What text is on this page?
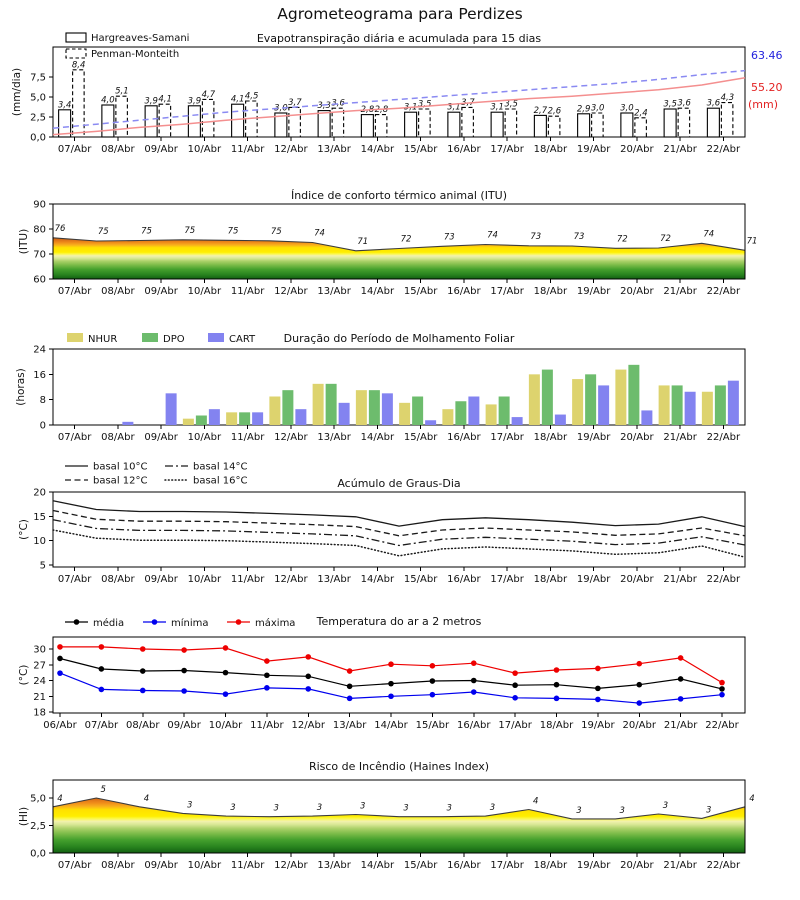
Agrometeograma para Perdizes
0,0
2,5
5,0
7,5
07/Abr 08/Abr 09/Abr 10/Abr 11/Abr 12/Abr 13/Abr 14/Abr 15/Abr 16/Abr 17/Abr 18/Abr 19/Abr 20/Abr 21/Abr 22/Abr
(mm/dia)
Evapotranspiração diária e acumulada para 15 dias
3,4	4,0	3,9	3,9	4,1
3,0	3,3	2,8	3,1	3,1	3,1	2,7	2,9	3,0	3,5	3,6
8,4
5,1
4,1	4,7	4,5
3,7	3,6
2,8
3,5	3,7	3,5
2,6	3,0	2,4
3,6
4,3
63.46
55.20
(mm)
Hargreaves-Samani
Penman-Monteith
60
70
80
90
07/Abr 08/Abr 09/Abr 10/Abr 11/Abr 12/Abr 13/Abr 14/Abr 15/Abr 16/Abr 17/Abr 18/Abr 19/Abr 20/Abr 21/Abr 22/Abr
(ITU)
Índice de conforto térmico animal (ITU)
76	75	75	75	75	75	74
71	72	73	74	73	73	72	72	74
71
0
8
16
24
07/Abr 08/Abr 09/Abr 10/Abr 11/Abr 12/Abr 13/Abr 14/Abr 15/Abr 16/Abr 17/Abr 18/Abr 19/Abr 20/Abr 21/Abr 22/Abr
(horas)
Duração do Período de Molhamento Foliar
NHUR	DPO	CART
5
10
15
20
07/Abr 08/Abr 09/Abr 10/Abr 11/Abr 12/Abr 13/Abr 14/Abr 15/Abr 16/Abr 17/Abr 18/Abr 19/Abr 20/Abr 21/Abr 22/Abr
(°C)
Acúmulo de Graus-Dia
basal 10°C
basal 12°C
basal 14°C
basal 16°C
18
21
24
27
30
06/Abr 07/Abr 08/Abr 09/Abr 10/Abr 11/Abr 12/Abr 13/Abr 14/Abr 15/Abr 16/Abr 17/Abr 18/Abr 19/Abr 20/Abr 21/Abr 22/Abr
(°C)
Temperatura do ar a 2 metros
média	mínima	máxima
0,0
2,5
5,0
07/Abr 08/Abr 09/Abr 10/Abr 11/Abr 12/Abr 13/Abr 14/Abr 15/Abr 16/Abr 17/Abr 18/Abr 19/Abr 20/Abr 21/Abr 22/Abr
(HI)
Risco de Incêndio (Haines Index)
4
5
4
3	3	3	3	3	3	3	3
4
3	3	3	3
4
